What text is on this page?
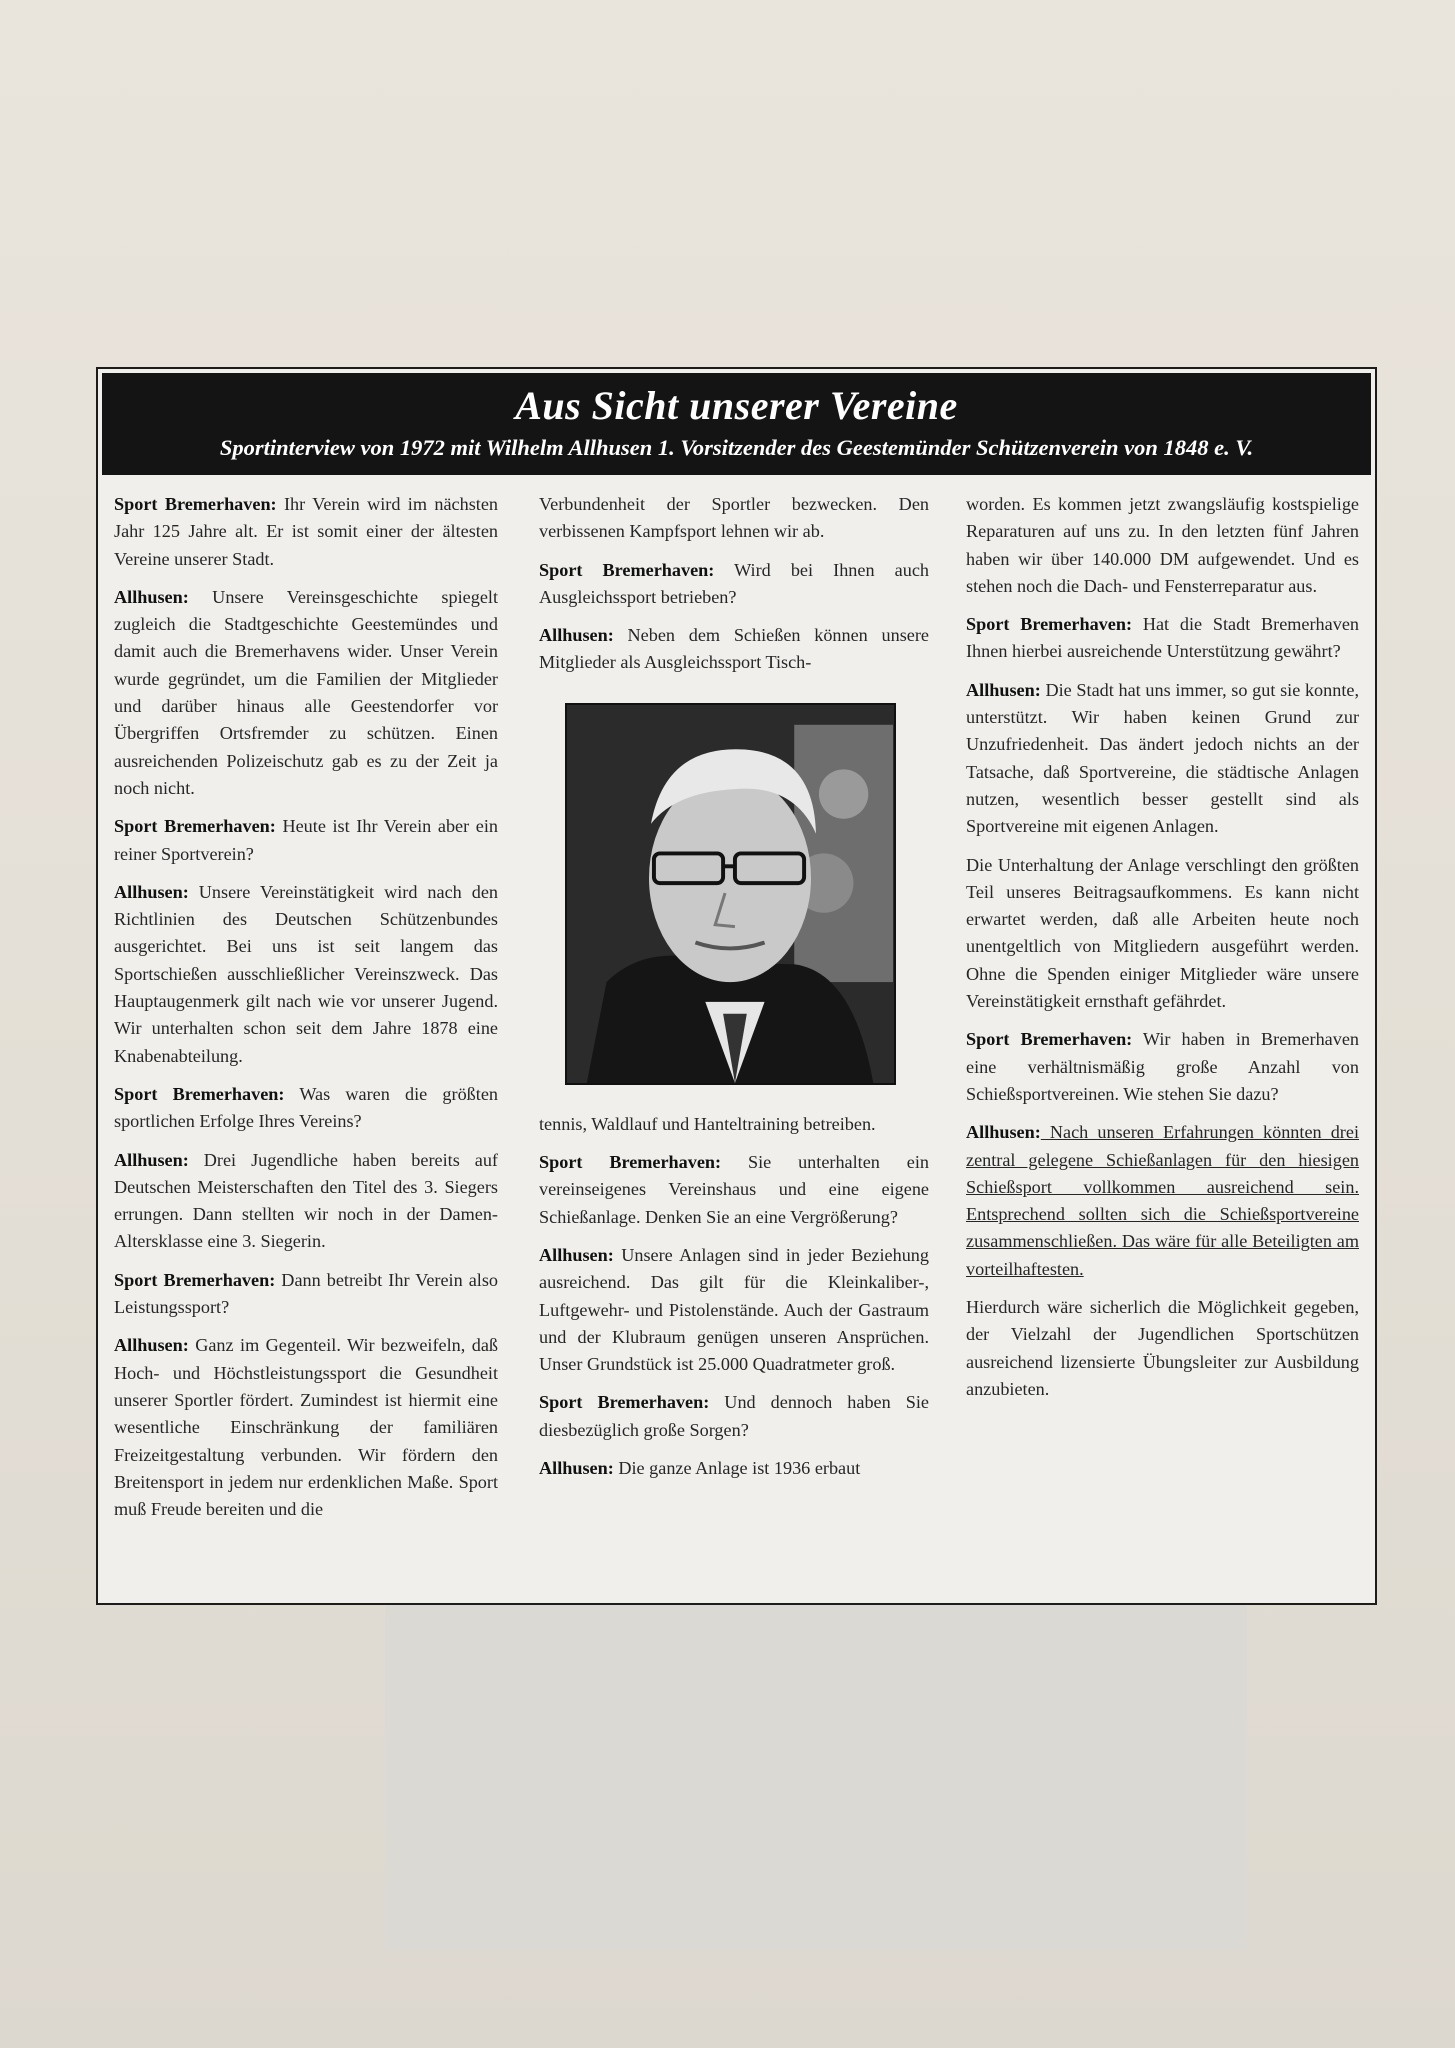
Aus Sicht unserer Vereine
Sportinterview von 1972 mit Wilhelm Allhusen 1. Vorsitzender des Geestemünder Schützenverein von 1848 e. V.

Sport Bremerhaven: Ihr Verein wird im nächsten Jahr 125 Jahre alt. Er ist somit einer der ältesten Vereine unserer Stadt.

Allhusen: Unsere Vereinsgeschichte spiegelt zugleich die Stadtgeschichte Geestemündes und damit auch die Bremerhavens wider. Unser Verein wurde gegründet, um die Familien der Mitglieder und darüber hinaus alle Geestendorfer vor Übergriffen Ortsfremder zu schützen. Einen ausreichenden Polizeischutz gab es zu der Zeit ja noch nicht.

Sport Bremerhaven: Heute ist Ihr Verein aber ein reiner Sportverein?

Allhusen: Unsere Vereinstätigkeit wird nach den Richtlinien des Deutschen Schützenbundes ausgerichtet. Bei uns ist seit langem das Sportschießen ausschließlicher Vereinszweck. Das Hauptaugenmerk gilt nach wie vor unserer Jugend. Wir unterhalten schon seit dem Jahre 1878 eine Knabenabteilung.

Sport Bremerhaven: Was waren die größten sportlichen Erfolge Ihres Vereins?

Allhusen: Drei Jugendliche haben bereits auf Deutschen Meisterschaften den Titel des 3. Siegers errungen. Dann stellten wir noch in der Damen-Altersklasse eine 3. Siegerin.

Sport Bremerhaven: Dann betreibt Ihr Verein also Leistungssport?

Allhusen: Ganz im Gegenteil. Wir bezweifeln, daß Hoch- und Höchstleistungssport die Gesundheit unserer Sportler fördert. Zumindest ist hiermit eine wesentliche Einschränkung der familiären Freizeitgestaltung verbunden. Wir fördern den Breitensport in jedem nur erdenklichen Maße. Sport muß Freude bereiten und die

Verbundenheit der Sportler bezwecken. Den verbissenen Kampfsport lehnen wir ab.

Sport Bremerhaven: Wird bei Ihnen auch Ausgleichssport betrieben?

Allhusen: Neben dem Schießen können unsere Mitglieder als Ausgleichssport Tisch-

tennis, Waldlauf und Hanteltraining betreiben.

Sport Bremerhaven: Sie unterhalten ein vereinseigenes Vereinshaus und eine eigene Schießanlage. Denken Sie an eine Vergrößerung?

Allhusen: Unsere Anlagen sind in jeder Beziehung ausreichend. Das gilt für die Kleinkaliber-, Luftgewehr- und Pistolenstände. Auch der Gastraum und der Klubraum genügen unseren Ansprüchen. Unser Grundstück ist 25.000 Quadratmeter groß.

Sport Bremerhaven: Und dennoch haben Sie diesbezüglich große Sorgen?

Allhusen: Die ganze Anlage ist 1936 erbaut

worden. Es kommen jetzt zwangsläufig kostspielige Reparaturen auf uns zu. In den letzten fünf Jahren haben wir über 140.000 DM aufgewendet. Und es stehen noch die Dach- und Fensterreparatur aus.

Sport Bremerhaven: Hat die Stadt Bremerhaven Ihnen hierbei ausreichende Unterstützung gewährt?

Allhusen: Die Stadt hat uns immer, so gut sie konnte, unterstützt. Wir haben keinen Grund zur Unzufriedenheit. Das ändert jedoch nichts an der Tatsache, daß Sportvereine, die städtische Anlagen nutzen, wesentlich besser gestellt sind als Sportvereine mit eigenen Anlagen.

Die Unterhaltung der Anlage verschlingt den größten Teil unseres Beitragsaufkommens. Es kann nicht erwartet werden, daß alle Arbeiten heute noch unentgeltlich von Mitgliedern ausgeführt werden. Ohne die Spenden einiger Mitglieder wäre unsere Vereinstätigkeit ernsthaft gefährdet.

Sport Bremerhaven: Wir haben in Bremerhaven eine verhältnismäßig große Anzahl von Schießsportvereinen. Wie stehen Sie dazu?

Allhusen: Nach unseren Erfahrungen könnten drei zentral gelegene Schießanlagen für den hiesigen Schießsport vollkommen ausreichend sein. Entsprechend sollten sich die Schießsportvereine zusammenschließen. Das wäre für alle Beteiligten am vorteilhaftesten.

Hierdurch wäre sicherlich die Möglichkeit gegeben, der Vielzahl der Jugendlichen Sportschützen ausreichend lizensierte Übungsleiter zur Ausbildung anzubieten.
